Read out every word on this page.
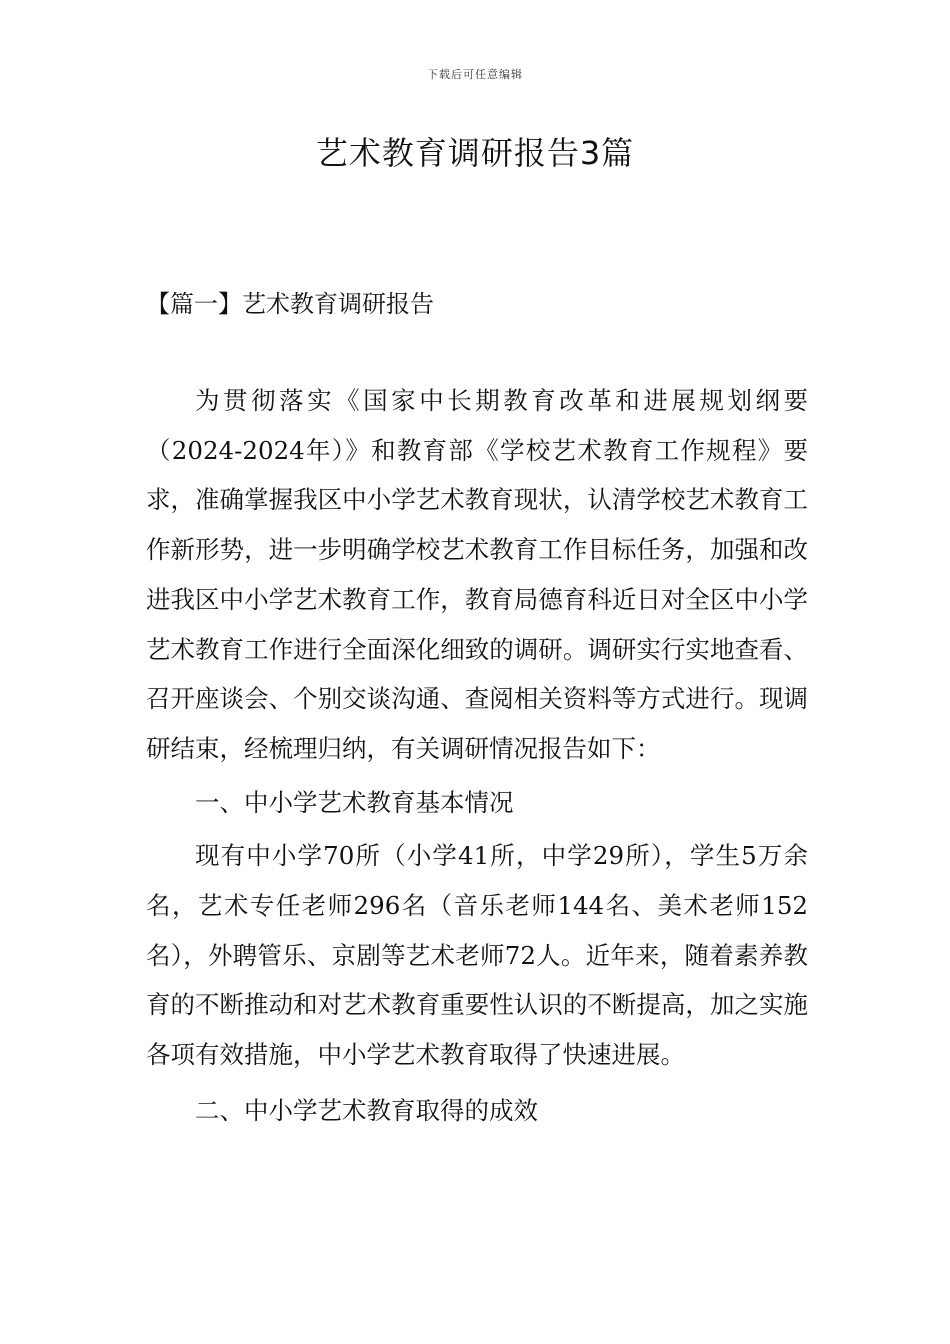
下载后可任意编辑
艺术教育调研报告3篇
【篇一】艺术教育调研报告

为贯彻落实《国家中长期教育改革和进展规划纲要（2024-2024年）》和教育部《学校艺术教育工作规程》要求，准确掌握我区中小学艺术教育现状，认清学校艺术教育工作新形势，进一步明确学校艺术教育工作目标任务，加强和改进我区中小学艺术教育工作，教育局德育科近日对全区中小学艺术教育工作进行全面深化细致的调研。调研实行实地查看、召开座谈会、个别交谈沟通、查阅相关资料等方式进行。现调研结束，经梳理归纳，有关调研情况报告如下：

一、中小学艺术教育基本情况

现有中小学70所（小学41所，中学29所），学生5万余名，艺术专任老师296名（音乐老师144名、美术老师152名），外聘管乐、京剧等艺术老师72人。近年来，随着素养教育的不断推动和对艺术教育重要性认识的不断提高，加之实施各项有效措施，中小学艺术教育取得了快速进展。

二、中小学艺术教育取得的成效
